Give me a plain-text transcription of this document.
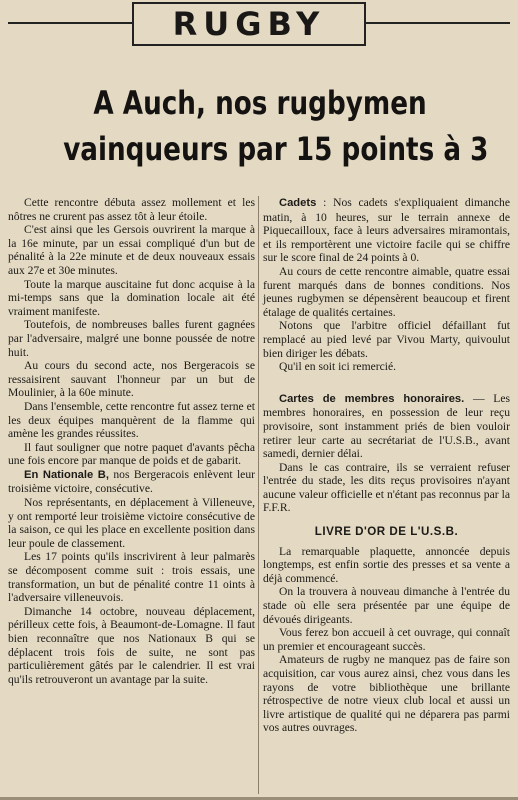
RUGBY
A Auch, nos rugbymen
vainqueurs par 15 points à 3

Cette rencontre débuta assez mollement et les nôtres ne crurent pas assez tôt à leur étoile.

C'est ainsi que les Gersois ouvrirent la marque à la 16e minute, par un essai compliqué d'un but de pénalité à la 22e minute et de deux nouveaux essais aux 27e et 30e minutes.

Toute la marque auscitaine fut donc acquise à la mi-temps sans que la domination locale ait été vraiment manifeste.

Toutefois, de nombreuses balles furent gagnées par l'adversaire, malgré une bonne poussée de notre huit.

Au cours du second acte, nos Bergeracois se ressaisirent sauvant l'honneur par un but de Moulinier, à la 60e minute.

Dans l'ensemble, cette rencontre fut assez terne et les deux équipes manquèrent de la flamme qui amène les grandes réussites.

Il faut souligner que notre paquet d'avants pêcha une fois encore par manque de poids et de gabarit.

En Nationale B, nos Bergeracois enlèvent leur troisième victoire, consécutive.

Nos représentants, en déplacement à Villeneuve, y ont remporté leur troisième victoire consécutive de la saison, ce qui les place en excellente position dans leur poule de classement.

Les 17 points qu'ils inscrivirent à leur palmarès se décomposent comme suit : trois essais, une transformation, un but de pénalité contre 11 oints à l'adversaire villeneuvois.

Dimanche 14 octobre, nouveau déplacement, périlleux cette fois, à Beaumont-de-Lomagne. Il faut bien reconnaître que nos Nationaux B qui se déplacent trois fois de suite, ne sont pas particulièrement gâtés par le calendrier. Il est vrai qu'ils retrouveront un avantage par la suite.

Cadets : Nos cadets s'expliquaient dimanche matin, à 10 heures, sur le terrain annexe de Piquecailloux, face à leurs adversaires miramontais, et ils remportèrent une victoire facile qui se chiffre sur le score final de 24 points à 0.

Au cours de cette rencontre aimable, quatre essai furent marqués dans de bonnes conditions. Nos jeunes rugbymen se dépensèrent beaucoup et firent étalage de qualités certaines.

Notons que l'arbitre officiel défaillant fut remplacé au pied levé par Vivou Marty, quivoulut bien diriger les débats.

Qu'il en soit ici remercié.

Cartes de membres honoraires. — Les membres honoraires, en possession de leur reçu provisoire, sont instamment priés de bien vouloir retirer leur carte au secrétariat de l'U.S.B., avant samedi, dernier délai.

Dans le cas contraire, ils se verraient refuser l'entrée du stade, les dits reçus provisoires n'ayant aucune valeur officielle et n'étant pas reconnus par la F.F.R.

LIVRE D'OR DE L'U.S.B.

La remarquable plaquette, annoncée depuis longtemps, est enfin sortie des presses et sa vente a déjà commencé.

On la trouvera à nouveau dimanche à l'entrée du stade où elle sera présentée par une équipe de dévoués dirigeants.

Vous ferez bon accueil à cet ouvrage, qui connaît un premier et encourageant succès.

Amateurs de rugby ne manquez pas de faire son acquisition, car vous aurez ainsi, chez vous dans les rayons de votre bibliothèque une brillante rétrospective de notre vieux club local et aussi un livre artistique de qualité qui ne déparera pas parmi vos autres ouvrages.
